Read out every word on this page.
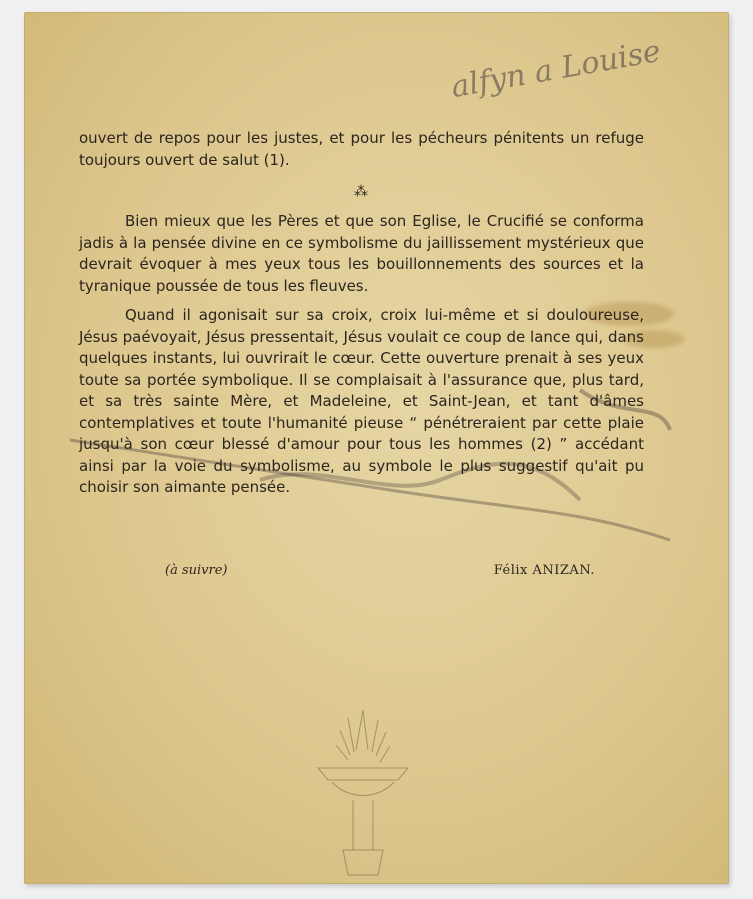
alfyn a Louise

ouvert de repos pour les justes, et pour les pécheurs pénitents un refuge toujours ouvert de salut (1).

⁂

Bien mieux que les Pères et que son Eglise, le Crucifié se conforma jadis à la pensée divine en ce symbolisme du jaillissement mystérieux que devrait évoquer à mes yeux tous les bouillonnements des sources et la tyranique poussée de tous les fleuves.

Quand il agonisait sur sa croix, croix lui-même et si douloureuse, Jésus paévoyait, Jésus pressentait, Jésus voulait ce coup de lance qui, dans quelques instants, lui ouvrirait le cœur. Cette ouverture prenait à ses yeux toute sa portée symbolique. Il se complaisait à l'assurance que, plus tard, et sa très sainte Mère, et Madeleine, et Saint-Jean, et tant d'âmes contemplatives et toute l'humanité pieuse “ pénétreraient par cette plaie jusqu'à son cœur blessé d'amour pour tous les hommes (2) ” accédant ainsi par la voie du symbolisme, au symbole le plus suggestif qu'ait pu choisir son aimante pensée.

(à suivre)	Félix ANIZAN.
